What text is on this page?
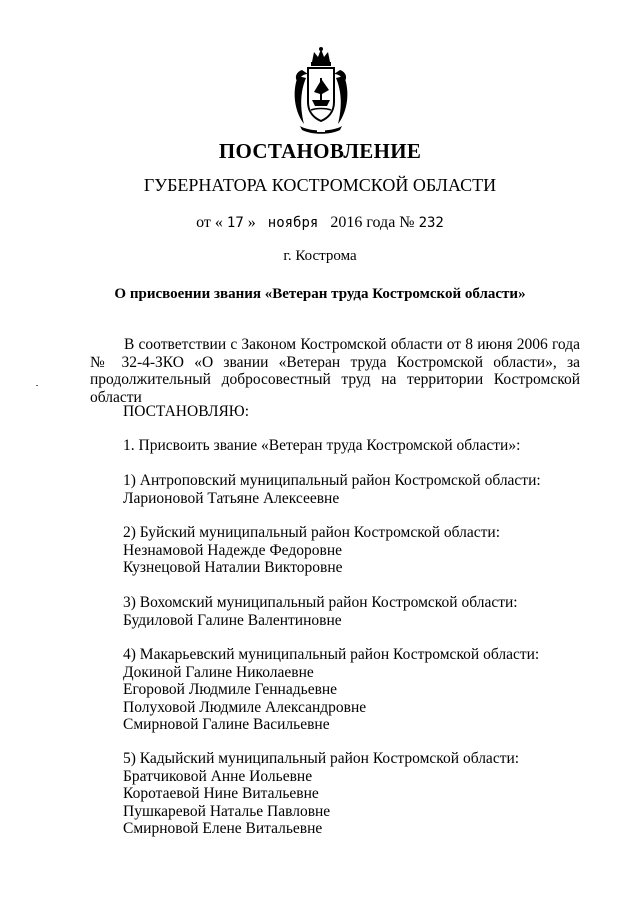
ПОСТАНОВЛЕНИЕ
ГУБЕРНАТОРА КОСТРОМСКОЙ ОБЛАСТИ
от « 17 » ноября 2016 года № 232
г. Кострома
О присвоении звания «Ветеран труда Костромской области»

В соответствии с Законом Костромской области от 8 июня 2006 года № 32-4-ЗКО «О звании «Ветеран труда Костромской области», за продолжительный добросовестный труд на территории Костромской области

ПОСТАНОВЛЯЮ:
1. Присвоить звание «Ветеран труда Костромской области»:
1) Антроповский муниципальный район Костромской области:
Ларионовой Татьяне Алексеевне
2) Буйский муниципальный район Костромской области:
Незнамовой Надежде Федоровне
Кузнецовой Наталии Викторовне
3) Вохомский муниципальный район Костромской области:
Будиловой Галине Валентиновне
4) Макарьевский муниципальный район Костромской области:
Докиной Галине Николаевне
Егоровой Людмиле Геннадьевне
Полуховой Людмиле Александровне
Смирновой Галине Васильевне
5) Кадыйский муниципальный район Костромской области:
Братчиковой Анне Иольевне
Коротаевой Нине Витальевне
Пушкаревой Наталье Павловне
Смирновой Елене Витальевне
